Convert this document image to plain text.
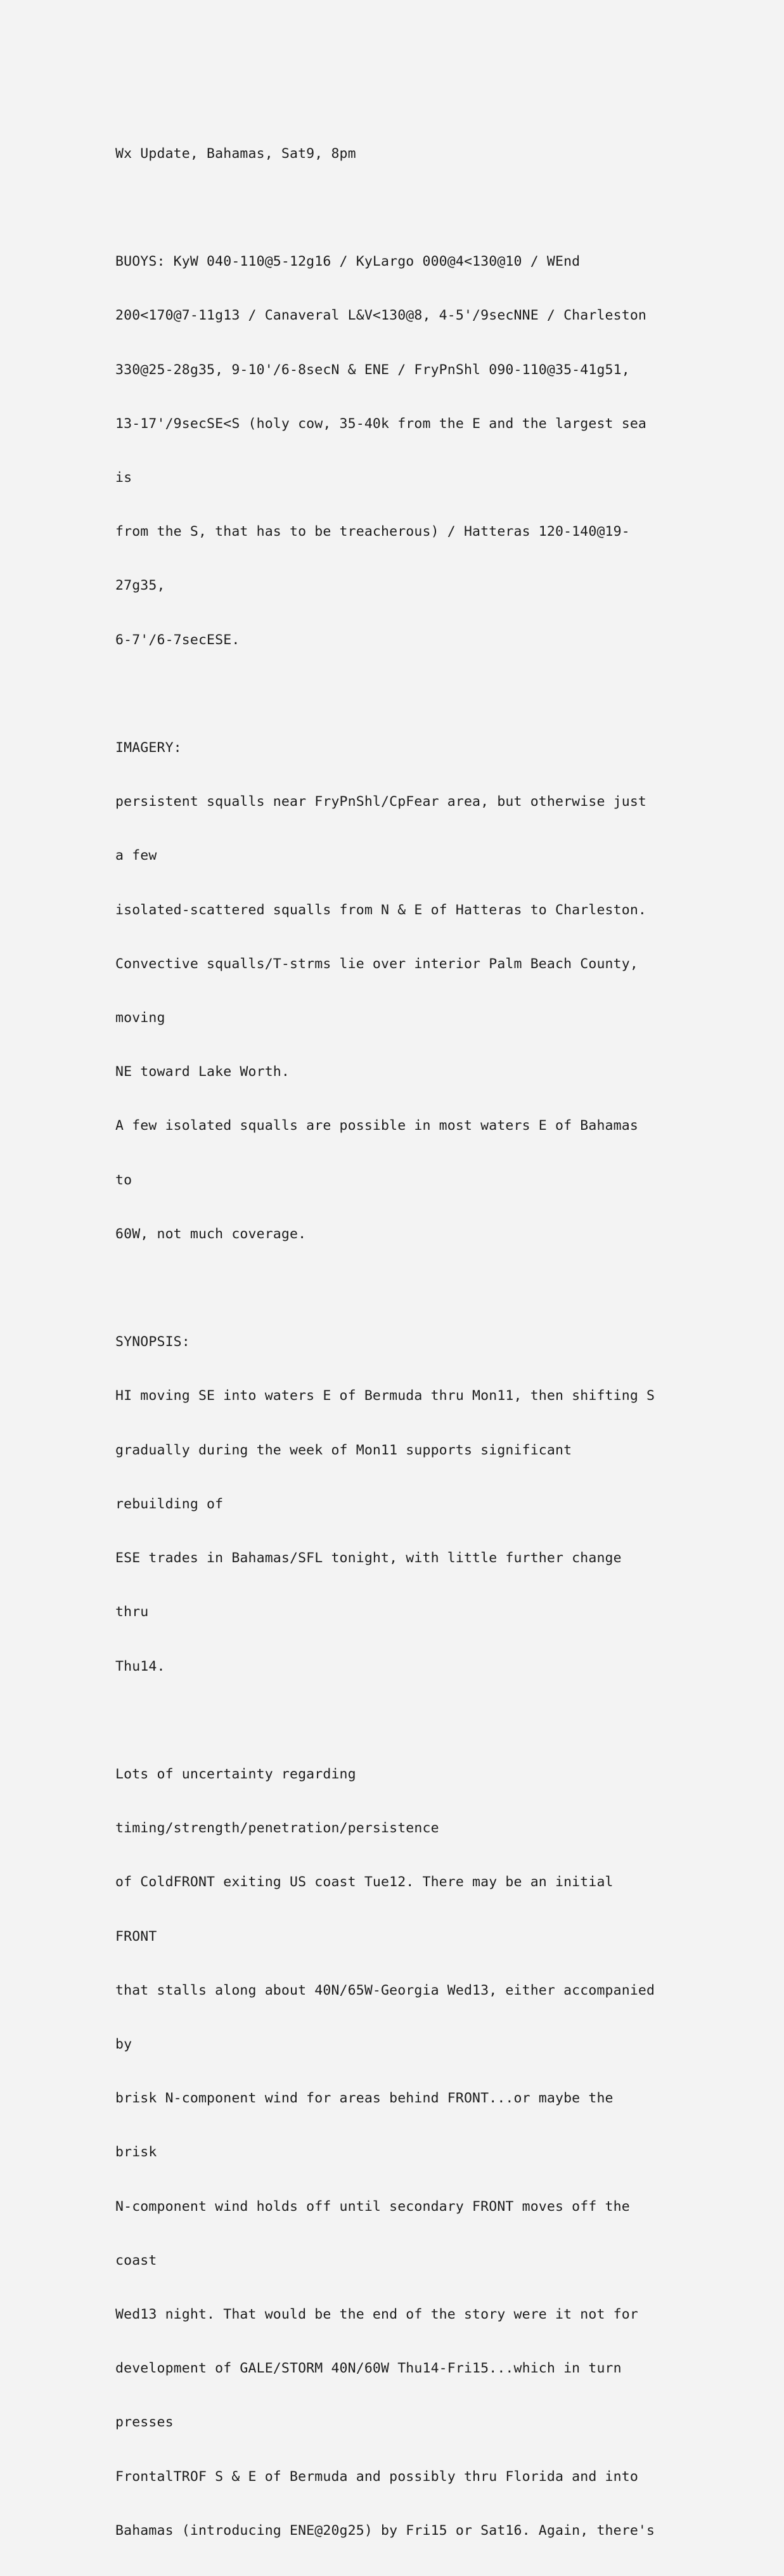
Wx Update, Bahamas, Sat9, 8pm

BUOYS: KyW 040-110@5-12g16 / KyLargo 000@4<130@10 / WEnd

200<170@7-11g13 / Canaveral L&V<130@8, 4-5'/9secNNE / Charleston

330@25-28g35, 9-10'/6-8secN & ENE / FryPnShl 090-110@35-41g51,

13-17'/9secSE<S (holy cow, 35-40k from the E and the largest sea

is

from the S, that has to be treacherous) / Hatteras 120-140@19-

27g35,

6-7'/6-7secESE.

IMAGERY:

persistent squalls near FryPnShl/CpFear area, but otherwise just

a few

isolated-scattered squalls from N & E of Hatteras to Charleston.

Convective squalls/T-strms lie over interior Palm Beach County,

moving

NE toward Lake Worth.

A few isolated squalls are possible in most waters E of Bahamas

to

60W, not much coverage.

SYNOPSIS:

HI moving SE into waters E of Bermuda thru Mon11, then shifting S

gradually during the week of Mon11 supports significant

rebuilding of

ESE trades in Bahamas/SFL tonight, with little further change

thru

Thu14.

Lots of uncertainty regarding

timing/strength/penetration/persistence

of ColdFRONT exiting US coast Tue12. There may be an initial

FRONT

that stalls along about 40N/65W-Georgia Wed13, either accompanied

by

brisk N-component wind for areas behind FRONT...or maybe the

brisk

N-component wind holds off until secondary FRONT moves off the

coast

Wed13 night. That would be the end of the story were it not for

development of GALE/STORM 40N/60W Thu14-Fri15...which in turn

presses

FrontalTROF S & E of Bermuda and possibly thru Florida and into

Bahamas (introducing ENE@20g25) by Fri15 or Sat16. Again, there's
